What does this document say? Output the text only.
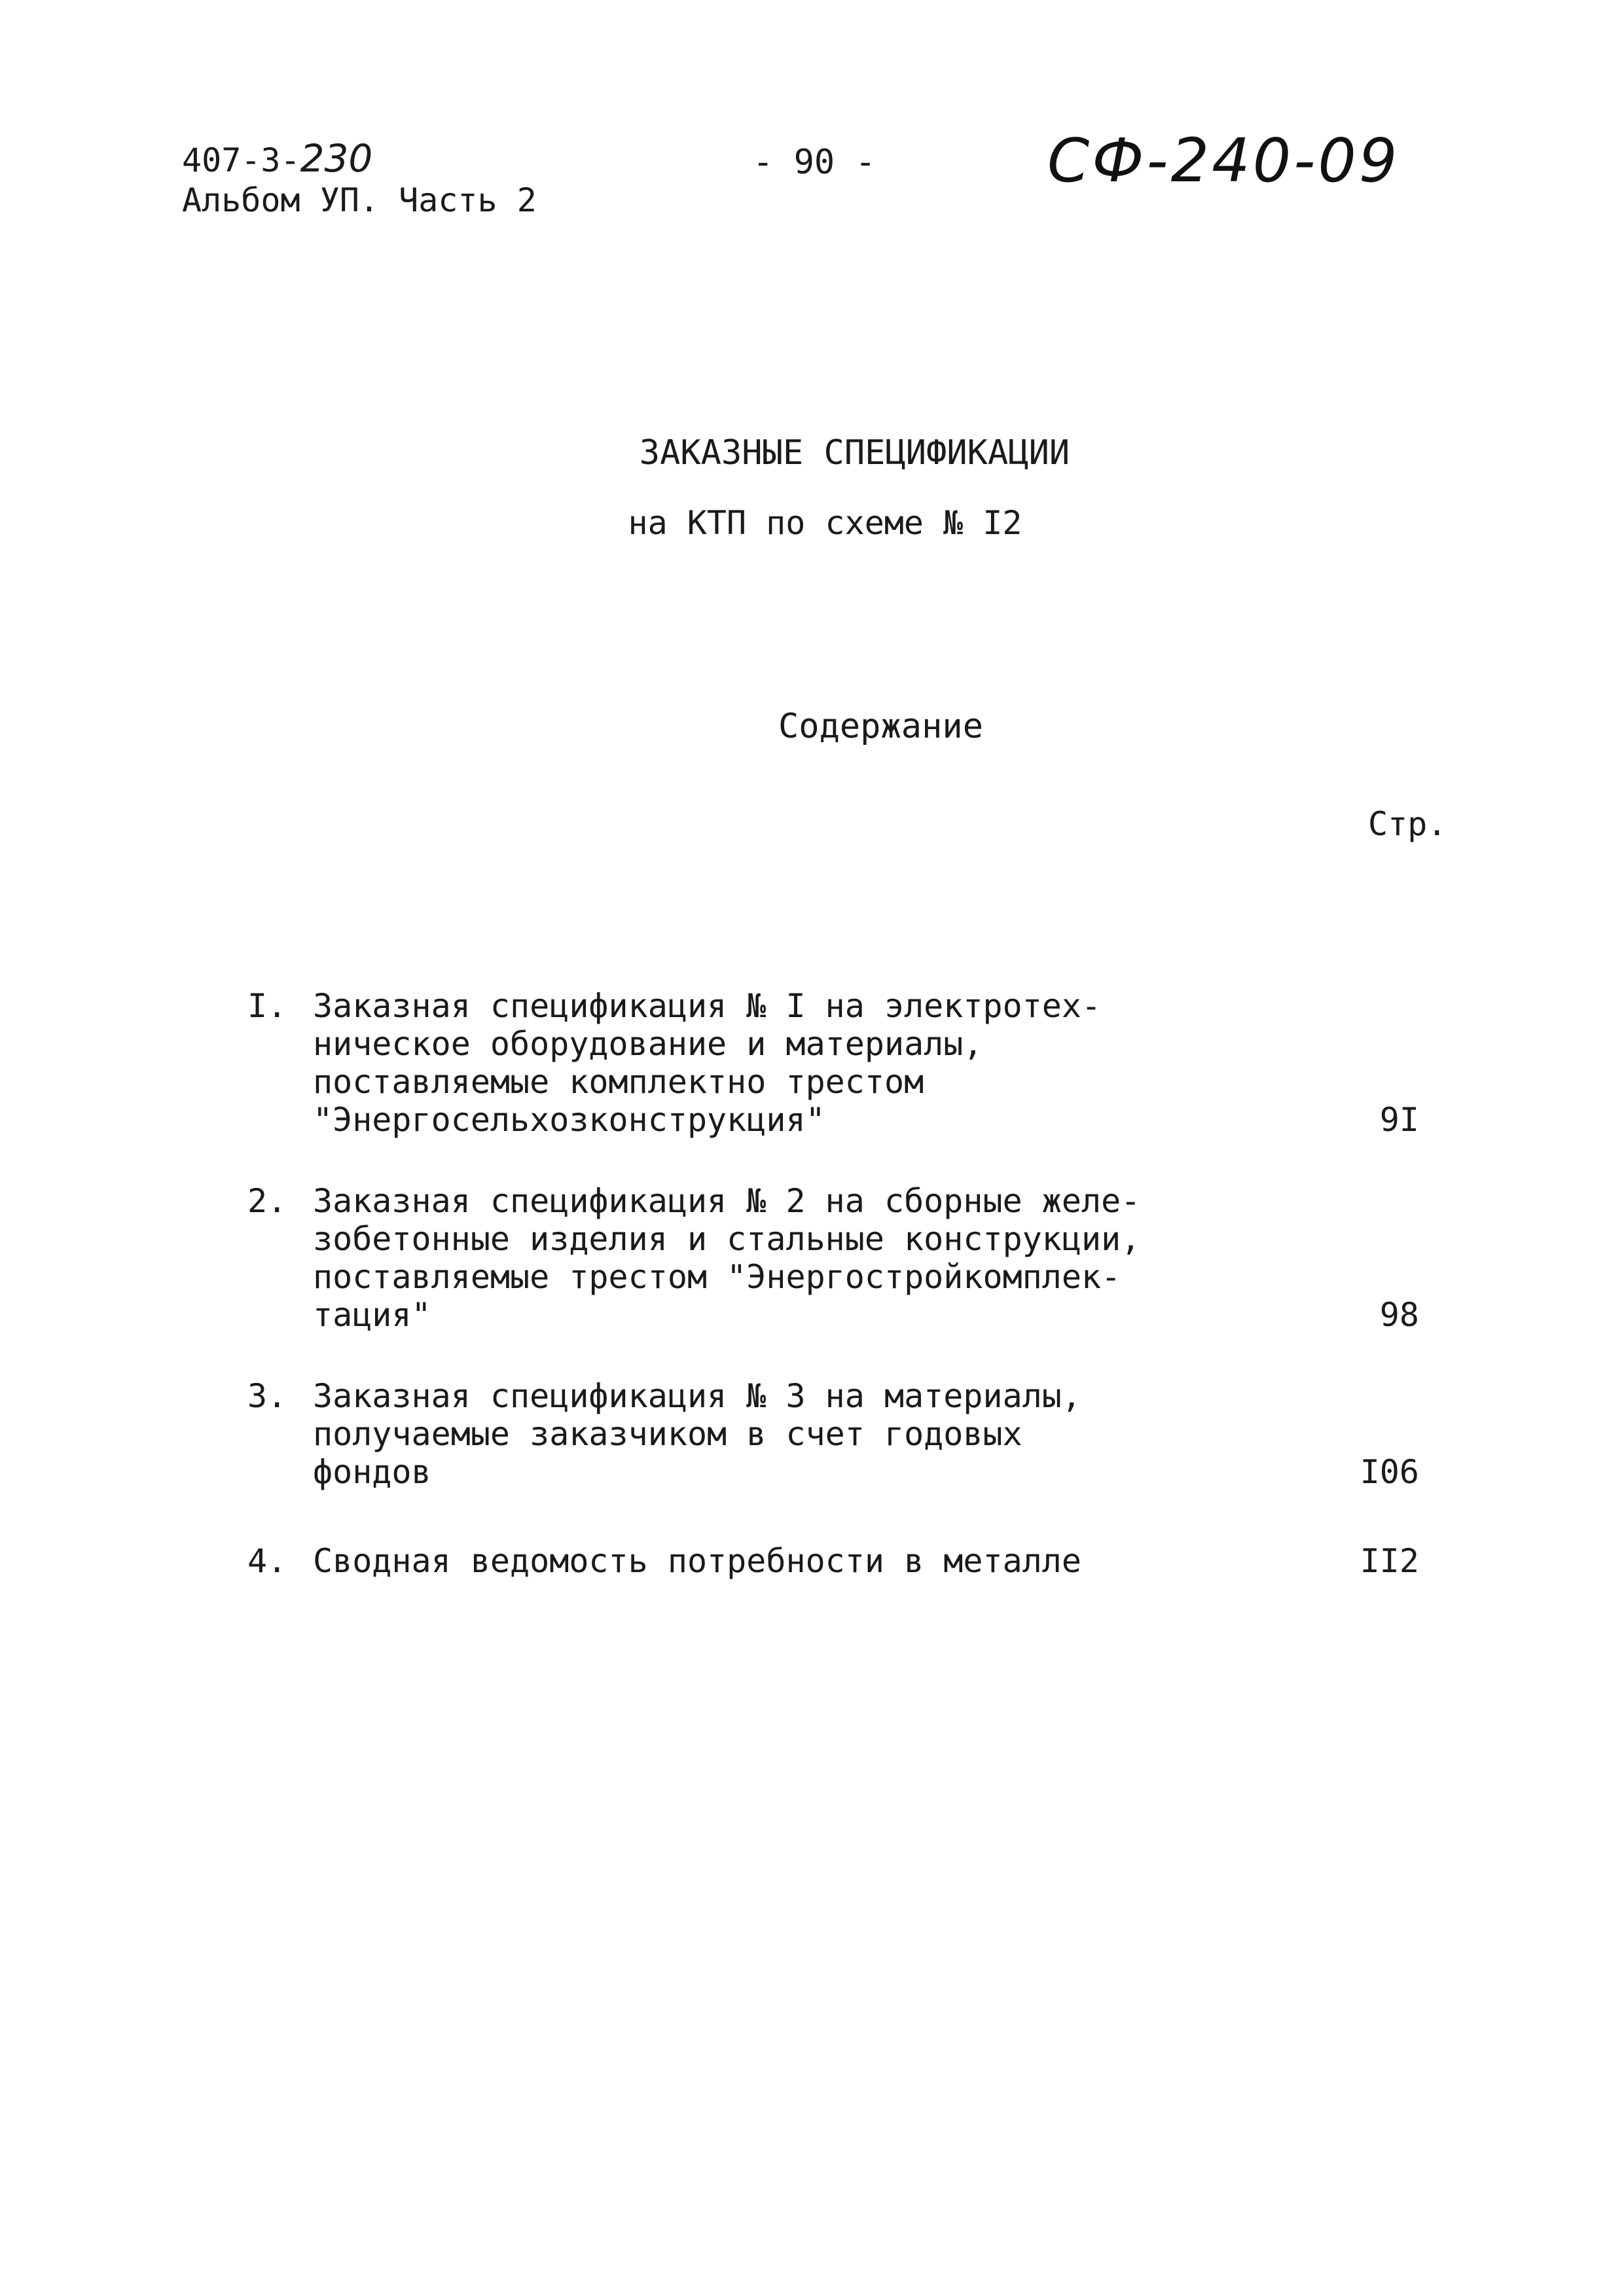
407-3-230
Альбом УП. Часть 2
- 90 -	СФ-240-09
ЗАКАЗНЫЕ СПЕЦИФИКАЦИИ
на КТП по схеме № I2
Содержание
Стр.
I. Заказная спецификация № I на электротех-
ническое оборудование и материалы,
поставляемые комплектно трестом
"Энергосельхозконструкция"	9I
2. Заказная спецификация № 2 на сборные желе-
зобетонные изделия и стальные конструкции,
поставляемые трестом "Энергостройкомплек-
тация"	98
3. Заказная спецификация № 3 на материалы,
получаемые заказчиком в счет годовых
фондов	I06
4. Сводная ведомость потребности в металле	II2
